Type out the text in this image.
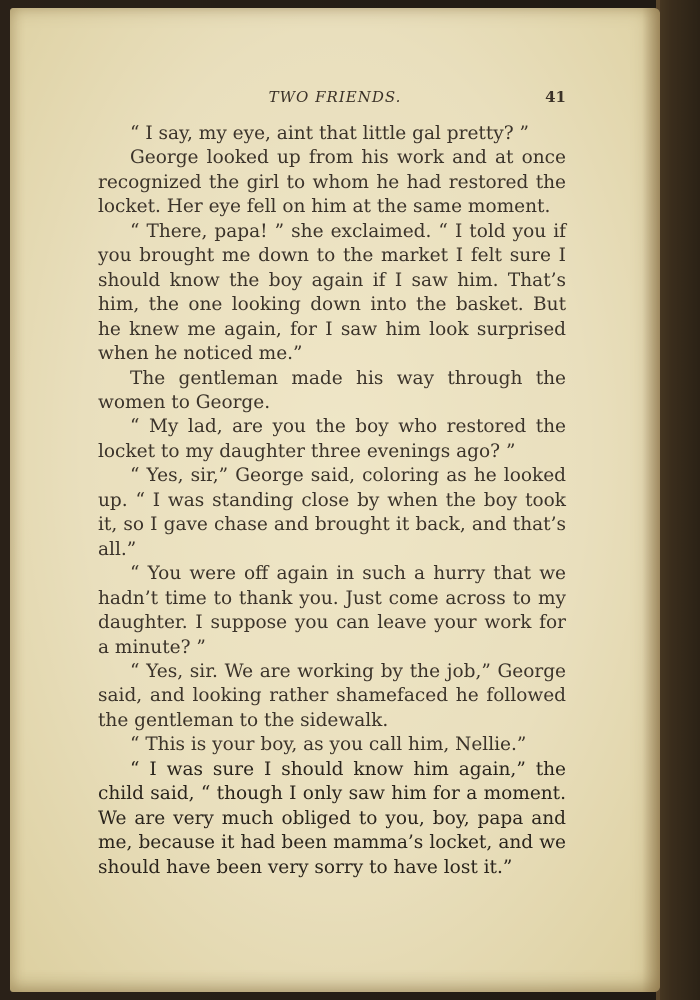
TWO FRIENDS.	41

“ I say, my eye, aint that little gal pretty? ”

George looked up from his work and at once recognized the girl to whom he had restored the locket. Her eye fell on him at the same moment.

“ There, papa! ” she exclaimed. “ I told you if you brought me down to the market I felt sure I should know the boy again if I saw him. That’s him, the one looking down into the basket. But he knew me again, for I saw him look surprised when he noticed me.”

The gentleman made his way through the women to George.

“ My lad, are you the boy who restored the locket to my daughter three evenings ago? ”

“ Yes, sir,” George said, coloring as he looked up. “ I was standing close by when the boy took it, so I gave chase and brought it back, and that’s all.”

“ You were off again in such a hurry that we hadn’t time to thank you. Just come across to my daughter. I suppose you can leave your work for a minute? ”

“ Yes, sir. We are working by the job,” George said, and looking rather shamefaced he followed the gentleman to the sidewalk.

“ This is your boy, as you call him, Nellie.”

“ I was sure I should know him again,” the child said, “ though I only saw him for a moment. We are very much obliged to you, boy, papa and me, because it had been mamma’s locket, and we should have been very sorry to have lost it.”
